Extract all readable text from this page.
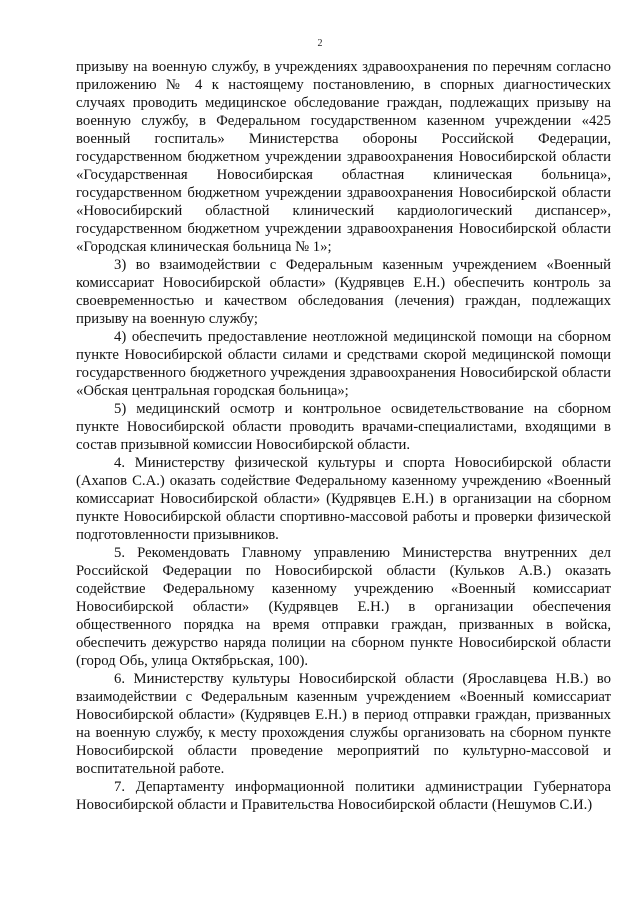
2

призыву на военную службу, в учреждениях здравоохранения по перечням согласно приложению № 4 к настоящему постановлению, в спорных диагностических случаях проводить медицинское обследование граждан, подлежащих призыву на военную службу, в Федеральном государственном казенном учреждении «425 военный госпиталь» Министерства обороны Российской Федерации, государственном бюджетном учреждении здравоохранения Новосибирской области «Государственная Новосибирская областная клиническая больница», государственном бюджетном учреждении здравоохранения Новосибирской области «Новосибирский областной клинический кардиологический диспансер», государственном бюджетном учреждении здравоохранения Новосибирской области «Городская клиническая больница № 1»;

3) во взаимодействии с Федеральным казенным учреждением «Военный комиссариат Новосибирской области» (Кудрявцев Е.Н.) обеспечить контроль за своевременностью и качеством обследования (лечения) граждан, подлежащих призыву на военную службу;

4) обеспечить предоставление неотложной медицинской помощи на сборном пункте Новосибирской области силами и средствами скорой медицинской помощи государственного бюджетного учреждения здравоохранения Новосибирской области «Обская центральная городская больница»;

5) медицинский осмотр и контрольное освидетельствование на сборном пункте Новосибирской области проводить врачами-специалистами, входящими в состав призывной комиссии Новосибирской области.

4. Министерству физической культуры и спорта Новосибирской области (Ахапов С.А.) оказать содействие Федеральному казенному учреждению «Военный комиссариат Новосибирской области» (Кудрявцев Е.Н.) в организации на сборном пункте Новосибирской области спортивно-массовой работы и проверки физической подготовленности призывников.

5. Рекомендовать Главному управлению Министерства внутренних дел Российской Федерации по Новосибирской области (Кульков А.В.) оказать содействие Федеральному казенному учреждению «Военный комиссариат Новосибирской области» (Кудрявцев Е.Н.) в организации обеспечения общественного порядка на время отправки граждан, призванных в войска, обеспечить дежурство наряда полиции на сборном пункте Новосибирской области (город Обь, улица Октябрьская, 100).

6. Министерству культуры Новосибирской области (Ярославцева Н.В.) во взаимодействии с Федеральным казенным учреждением «Военный комиссариат Новосибирской области» (Кудрявцев Е.Н.) в период отправки граждан, призванных на военную службу, к месту прохождения службы организовать на сборном пункте Новосибирской области проведение мероприятий по культурно-массовой и воспитательной работе.

7. Департаменту информационной политики администрации Губернатора Новосибирской области и Правительства Новосибирской области (Нешумов С.И.)
